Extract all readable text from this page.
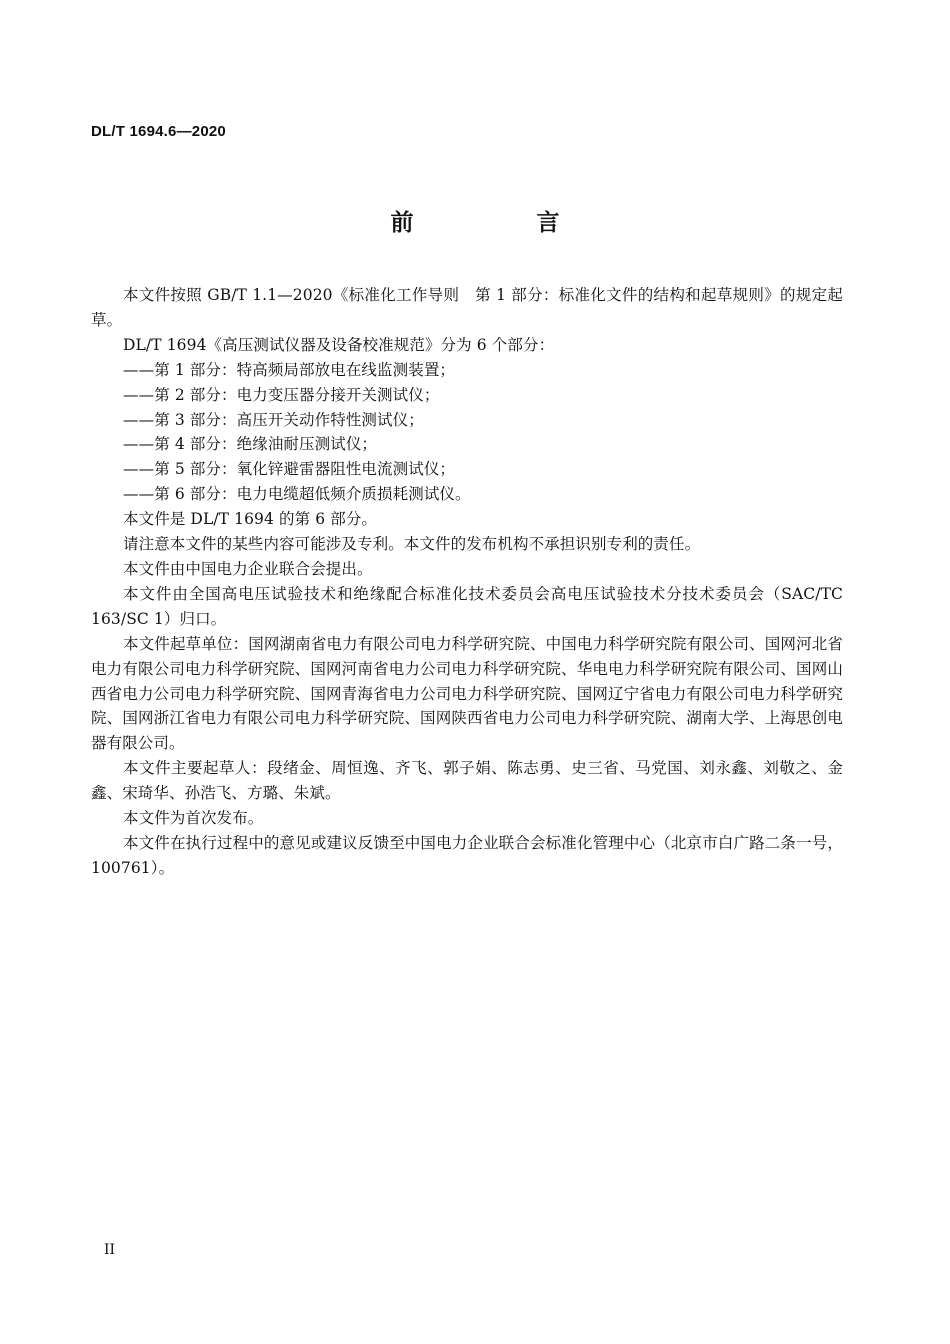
DL/T 1694.6—2020
前　言

本文件按照 GB/T 1.1—2020《标准化工作导则　第 1 部分：标准化文件的结构和起草规则》的规定起草。

DL/T 1694《高压测试仪器及设备校准规范》分为 6 个部分：

——第 1 部分：特高频局部放电在线监测装置；

——第 2 部分：电力变压器分接开关测试仪；

——第 3 部分：高压开关动作特性测试仪；

——第 4 部分：绝缘油耐压测试仪；

——第 5 部分：氧化锌避雷器阻性电流测试仪；

——第 6 部分：电力电缆超低频介质损耗测试仪。

本文件是 DL/T 1694 的第 6 部分。

请注意本文件的某些内容可能涉及专利。本文件的发布机构不承担识别专利的责任。

本文件由中国电力企业联合会提出。

本文件由全国高电压试验技术和绝缘配合标准化技术委员会高电压试验技术分技术委员会（SAC/TC 163/SC 1）归口。

本文件起草单位：国网湖南省电力有限公司电力科学研究院、中国电力科学研究院有限公司、国网河北省电力有限公司电力科学研究院、国网河南省电力公司电力科学研究院、华电电力科学研究院有限公司、国网山西省电力公司电力科学研究院、国网青海省电力公司电力科学研究院、国网辽宁省电力有限公司电力科学研究院、国网浙江省电力有限公司电力科学研究院、国网陕西省电力公司电力科学研究院、湖南大学、上海思创电器有限公司。

本文件主要起草人：段绪金、周恒逸、齐飞、郭子娟、陈志勇、史三省、马党国、刘永鑫、刘敬之、金鑫、宋琦华、孙浩飞、方璐、朱斌。

本文件为首次发布。

本文件在执行过程中的意见或建议反馈至中国电力企业联合会标准化管理中心（北京市白广路二条一号，100761）。

II
